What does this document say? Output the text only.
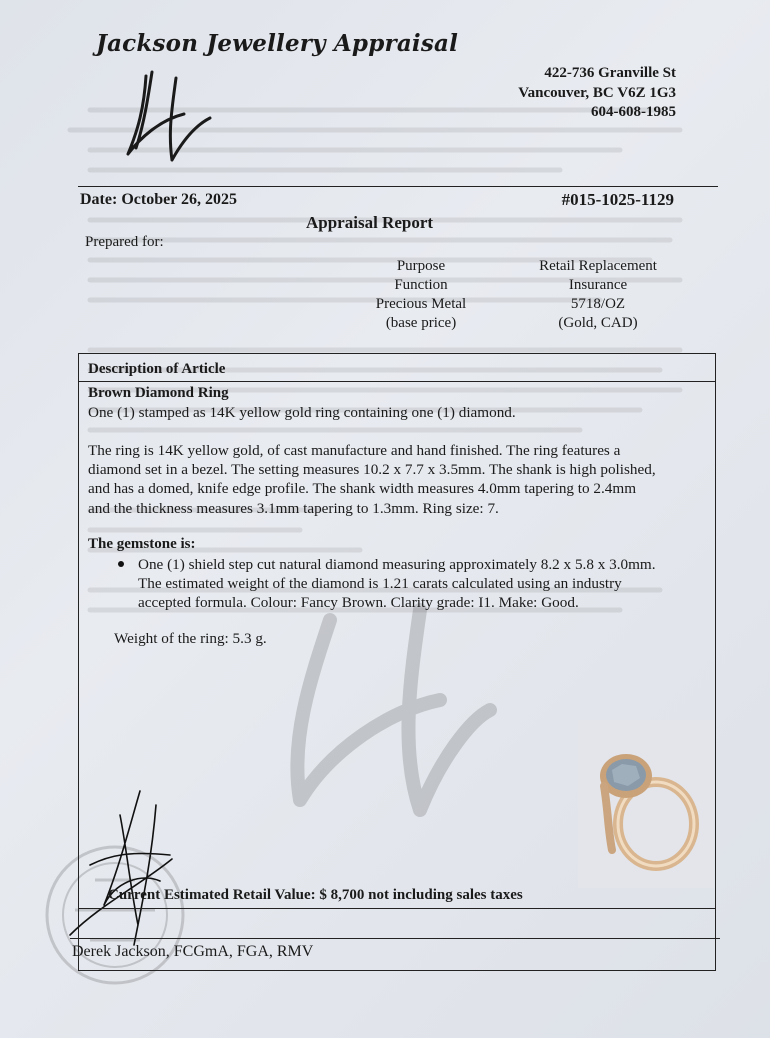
Jackson Jewellery Appraisal
422-736 Granville St
Vancouver, BC V6Z 1G3
604-608-1985
Date: October 26, 2025	#015-1025-1129
Appraisal Report
Prepared for:
Purpose	Retail Replacement
Function	Insurance
Precious Metal	5718/OZ
(base price)	(Gold, CAD)
Description of Article
Brown Diamond Ring
One (1) stamped as 14K yellow gold ring containing one (1) diamond.
The ring is 14K yellow gold, of cast manufacture and hand finished. The ring features a
diamond set in a bezel. The setting measures 10.2 x 7.7 x 3.5mm. The shank is high polished,
and has a domed, knife edge profile. The shank width measures 4.0mm tapering to 2.4mm
and the thickness measures 3.1mm tapering to 1.3mm. Ring size: 7.
The gemstone is:
One (1) shield step cut natural diamond measuring approximately 8.2 x 5.8 x 3.0mm.
The estimated weight of the diamond is 1.21 carats calculated using an industry
accepted formula. Colour: Fancy Brown. Clarity grade: I1. Make: Good.
Weight of the ring: 5.3 g.
Current Estimated Retail Value: $ 8,700 not including sales taxes
Derek Jackson, FCGmA, FGA, RMV
